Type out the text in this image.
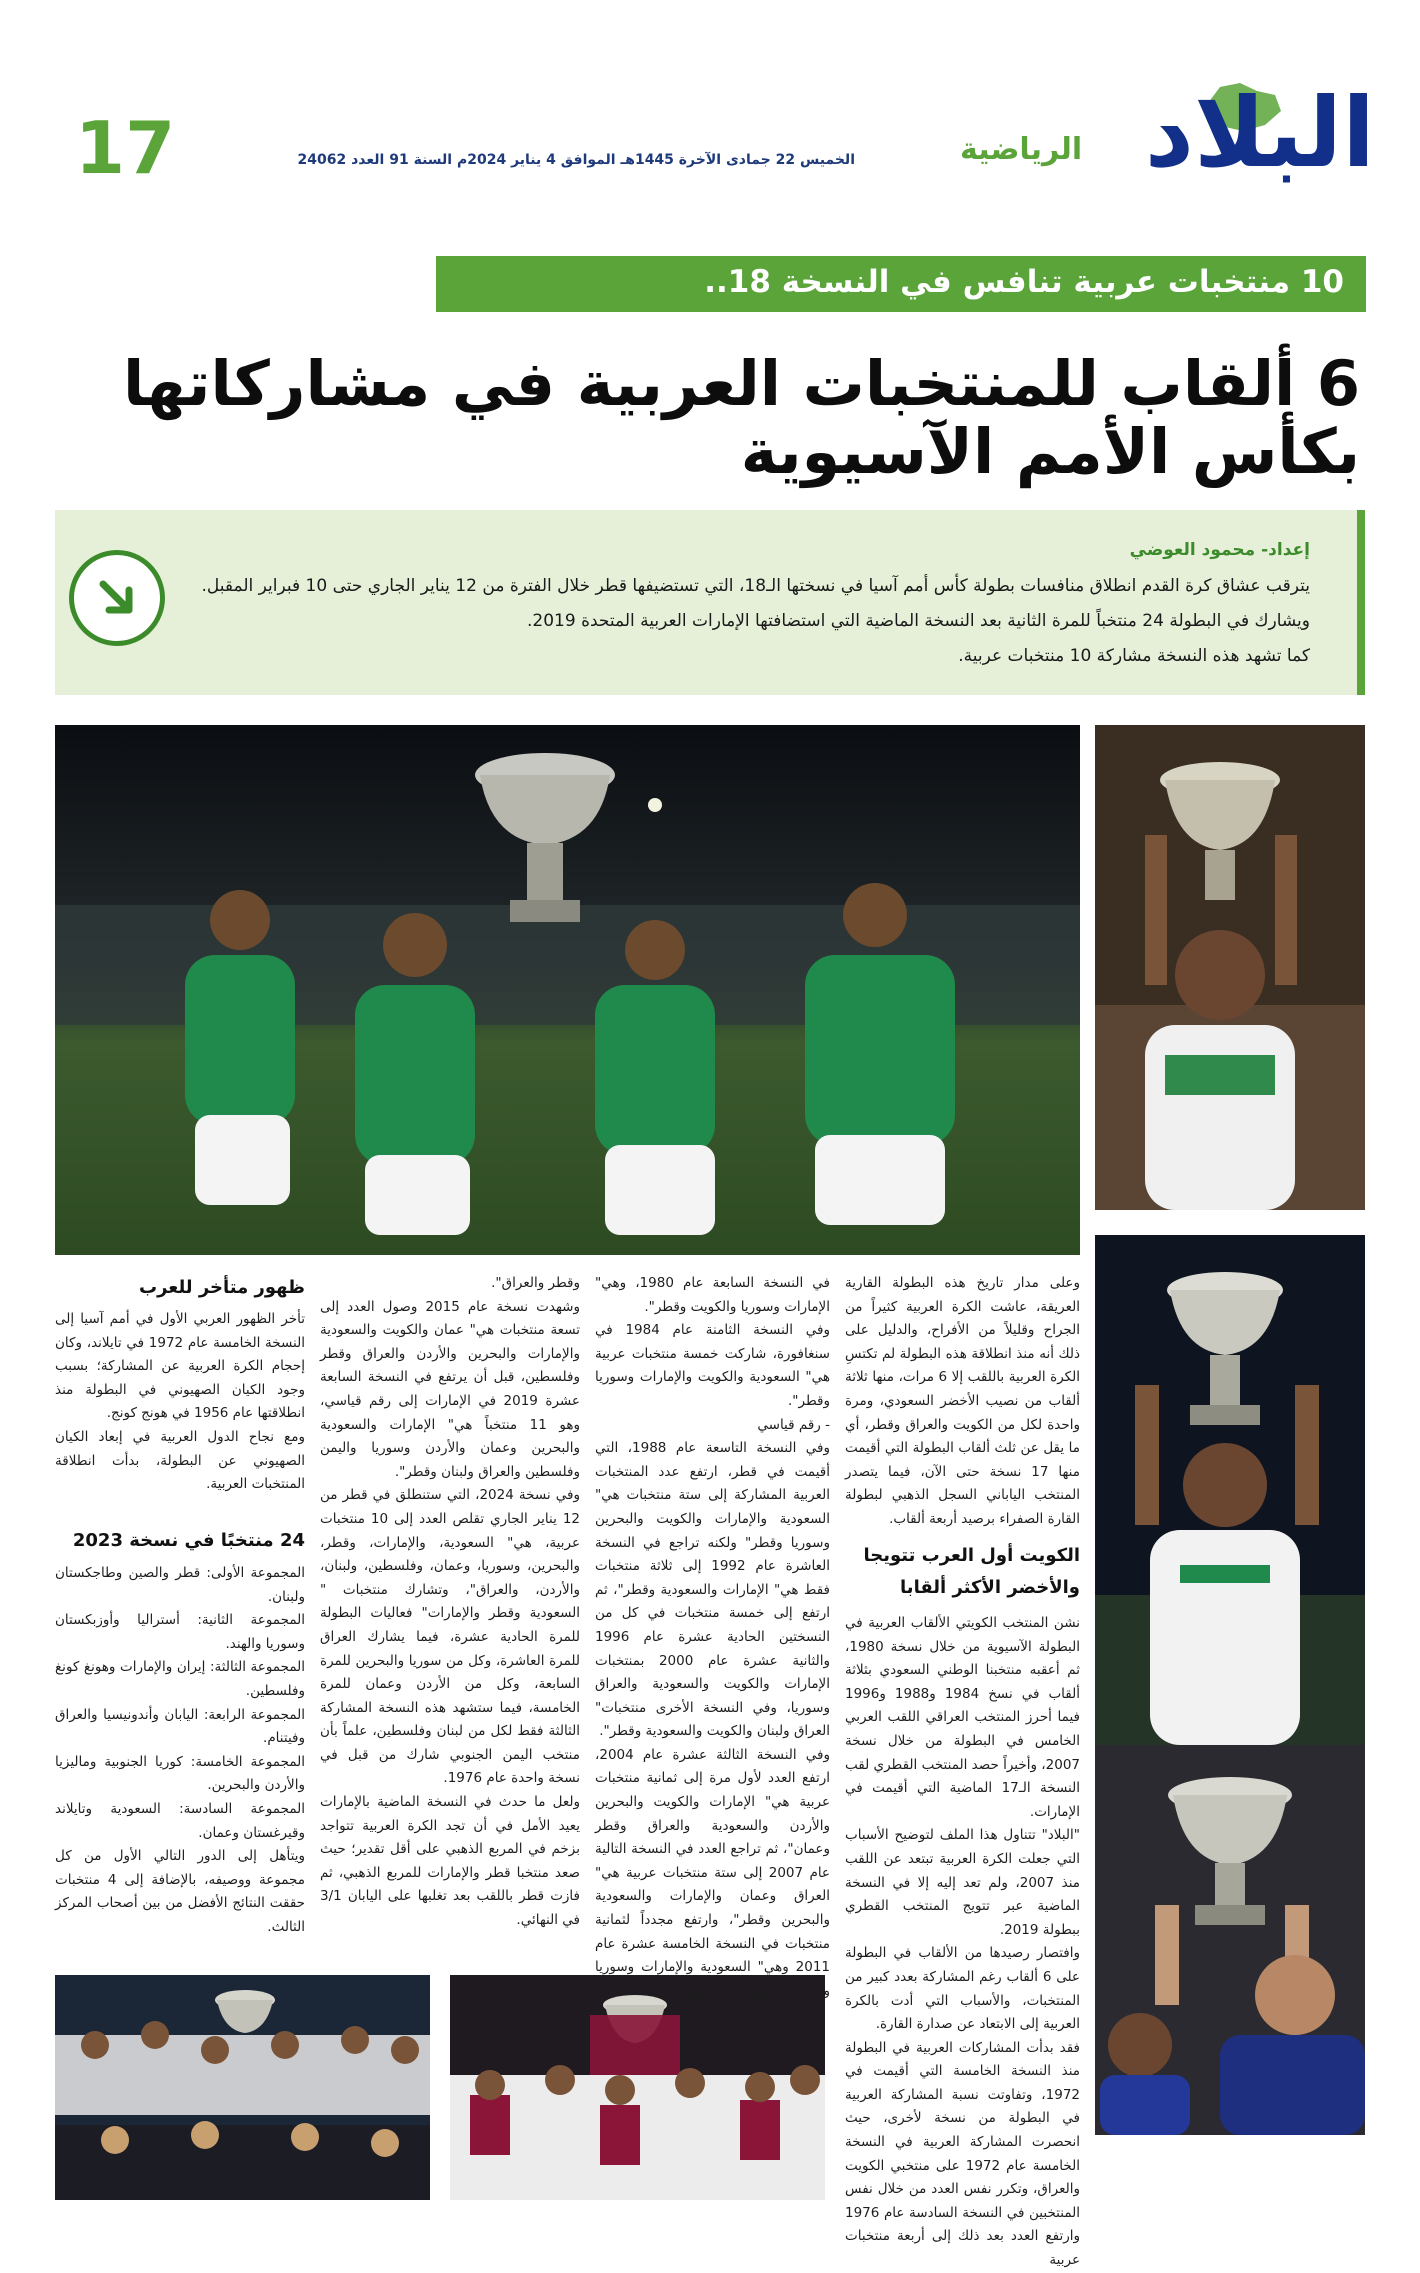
البلاد
الرياضية
الخميس 22 جمادى الآخرة 1445هـ الموافق 4 يناير 2024م السنة 91 العدد 24062
17
10 منتخبات عربية تنافس في النسخة 18..
6 ألقاب للمنتخبات العربية في مشاركاتها بكأس الأمم الآسيوية
إعداد- محمود العوضي
يترقب عشاق كرة القدم انطلاق منافسات بطولة كأس أمم آسيا في نسختها الـ18، التي تستضيفها قطر خلال الفترة من 12 يناير الجاري حتى 10 فبراير المقبل.
ويشارك في البطولة 24 منتخباً للمرة الثانية بعد النسخة الماضية التي استضافتها الإمارات العربية المتحدة 2019.
كما تشهد هذه النسخة مشاركة 10 منتخبات عربية.
وعلى مدار تاريخ هذه البطولة القارية العريقة، عاشت الكرة العربية كثيراً من الجراح وقليلاً من الأفراح، والدليل على ذلك أنه منذ انطلاقة هذه البطولة لم تكتسِ الكرة العربية باللقب إلا 6 مرات، منها ثلاثة ألقاب من نصيب الأخضر السعودي، ومرة واحدة لكل من الكويت والعراق وقطر، أي ما يقل عن ثلث ألقاب البطولة التي أقيمت منها 17 نسخة حتى الآن، فيما يتصدر المنتخب الياباني السجل الذهبي لبطولة القارة الصفراء برصيد أربعة ألقاب.
الكويت أول العرب تتويجا والأخضر الأكثر ألقابا
نشن المنتخب الكويتي الألقاب العربية في البطولة الآسيوية من خلال نسخة 1980، ثم أعقبه منتخبنا الوطني السعودي بثلاثة ألقاب في نسخ 1984 و1988 و1996 فيما أحرز المنتخب العراقي اللقب العربي الخامس في البطولة من خلال نسخة 2007، وأخيراً حصد المنتخب القطري لقب النسخة الـ17 الماضية التي أقيمت في الإمارات.
"البلاد" تتناول هذا الملف لتوضيح الأسباب التي جعلت الكرة العربية تبتعد عن اللقب منذ 2007، ولم تعد إليه إلا في النسخة الماضية عبر تتويج المنتخب القطري ببطولة 2019.
وافتصار رصيدها من الألقاب في البطولة على 6 ألقاب رغم المشاركة بعدد كبير من المنتخبات، والأسباب التي أدت بالكرة العربية إلى الابتعاد عن صدارة القارة.
فقد بدأت المشاركات العربية في البطولة منذ النسخة الخامسة التي أقيمت في 1972، وتفاوتت نسبة المشاركة العربية في البطولة من نسخة لأخرى، حيث انحصرت المشاركة العربية في النسخة الخامسة عام 1972 على منتخبي الكويت والعراق، وتكرر نفس العدد من خلال نفس المنتخبين في النسخة السادسة عام 1976 وارتفع العدد بعد ذلك إلى أربعة منتخبات عربية
في النسخة السابعة عام 1980، وهي" الإمارات وسوريا والكويت وقطر".
وفي النسخة الثامنة عام 1984 في سنغافورة، شاركت خمسة منتخبات عربية هي" السعودية والكويت والإمارات وسوريا وقطر".
- رقم قياسي
وفي النسخة التاسعة عام 1988، التي أقيمت في قطر، ارتفع عدد المنتخبات العربية المشاركة إلى ستة منتخبات هي" السعودية والإمارات والكويت والبحرين وسوريا وقطر" ولكنه تراجع في النسخة العاشرة عام 1992 إلى ثلاثة منتخبات فقط هي" الإمارات والسعودية وقطر"، ثم ارتفع إلى خمسة منتخبات في كل من النسختين الحادية عشرة عام 1996 والثانية عشرة عام 2000 بمنتخبات الإمارات والكويت والسعودية والعراق وسوريا، وفي النسخة الأخرى منتخبات" العراق ولبنان والكويت والسعودية وقطر".
وفي النسخة الثالثة عشرة عام 2004، ارتفع العدد لأول مرة إلى ثمانية منتخبات عربية هي" الإمارات والكويت والبحرين والأردن والسعودية والعراق وقطر وعمان"، ثم تراجع العدد في النسخة التالية عام 2007 إلى ستة منتخبات عربية هي" العراق وعمان والإمارات والسعودية والبحرين وقطر"، وارتفع مجدداً لثمانية منتخبات في النسخة الخامسة عشرة عام 2011 وهي" السعودية والإمارات وسوريا والأردن والكويت والبحرين
وقطر والعراق".
وشهدت نسخة عام 2015 وصول العدد إلى تسعة منتخبات هي" عمان والكويت والسعودية والإمارات والبحرين والأردن والعراق وقطر وفلسطين، قبل أن يرتفع في النسخة السابعة عشرة 2019 في الإمارات إلى رقم قياسي، وهو 11 منتخباً هي" الإمارات والسعودية والبحرين وعمان والأردن وسوريا واليمن وفلسطين والعراق ولبنان وقطر".
وفي نسخة 2024، التي ستنطلق في قطر من 12 يناير الجاري تقلص العدد إلى 10 منتخبات عربية، هي" السعودية، والإمارات، وقطر، والبحرين، وسوريا، وعمان، وفلسطين، ولبنان، والأردن، والعراق"، وتشارك منتخبات " السعودية وقطر والإمارات" فعاليات البطولة للمرة الحادية عشرة، فيما يشارك العراق للمرة العاشرة، وكل من سوريا والبحرين للمرة السابعة، وكل من الأردن وعمان للمرة الخامسة، فيما ستشهد هذه النسخة المشاركة الثالثة فقط لكل من لبنان وفلسطين، علماً بأن منتخب اليمن الجنوبي شارك من قبل في نسخة واحدة عام 1976.
ولعل ما حدث في النسخة الماضية بالإمارات يعيد الأمل في أن تجد الكرة العربية تتواجد بزخم في المربع الذهبي على أقل تقدير؛ حيث صعد منتخبا قطر والإمارات للمربع الذهبي، ثم فازت قطر باللقب بعد تغلبها على اليابان 3/1 في النهائي.
ظهور متأخر للعرب
تأخر الظهور العربي الأول في أمم آسيا إلى النسخة الخامسة عام 1972 في تايلاند، وكان إحجام الكرة العربية عن المشاركة؛ بسبب وجود الكيان الصهيوني في البطولة منذ انطلاقتها عام 1956 في هونج كونج.
ومع نجاح الدول العربية في إبعاد الكيان الصهيوني عن البطولة، بدأت انطلاقة المنتخبات العربية.
24 منتخبًا في نسخة 2023
المجموعة الأولى: قطر والصين وطاجكستان ولبنان.
المجموعة الثانية: أستراليا وأوزبكستان وسوريا والهند.
المجموعة الثالثة: إيران والإمارات وهونغ كونغ وفلسطين.
المجموعة الرابعة: اليابان وأندونيسيا والعراق وفيتنام.
المجموعة الخامسة: كوريا الجنوبية وماليزيا والأردن والبحرين.
المجموعة السادسة: السعودية وتايلاند وقيرغستان وعمان.
ويتأهل إلى الدور التالي الأول من كل مجموعة ووصيفه، بالإضافة إلى 4 منتخبات حققت النتائج الأفضل من بين أصحاب المركز الثالث.
